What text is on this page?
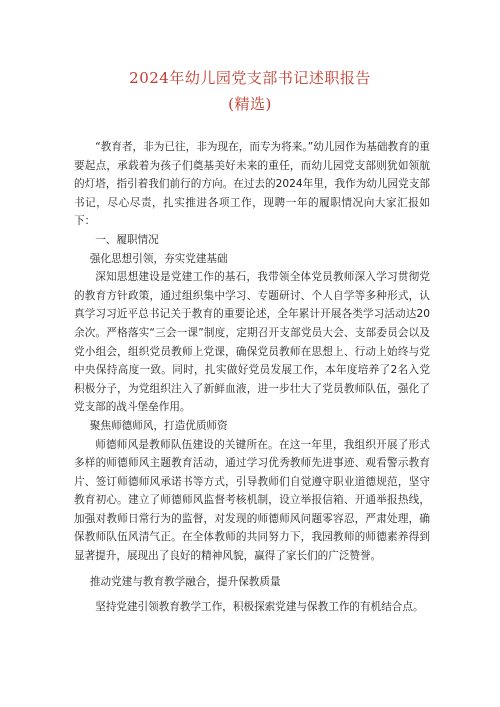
2024年幼儿园党支部书记述职报告
(精选)

“教育者，非为已往，非为现在，而专为将来。”幼儿园作为基础教育的重要起点，承载着为孩子们奠基美好未来的重任，而幼儿园党支部则犹如领航的灯塔，指引着我们前行的方向。在过去的2024年里，我作为幼儿园党支部书记，尽心尽责，扎实推进各项工作，现聘一年的履职情况向大家汇报如下：

一、履职情况

强化思想引领，夯实党建基础

深知思想建设是党建工作的基石，我带领全体党员教师深入学习贯彻党的教育方针政策，通过组织集中学习、专题研讨、个人自学等多种形式，认真学习习近平总书记关于教育的重要论述，全年累计开展各类学习活动达20余次。严格落实“三会一课”制度，定期召开支部党员大会、支部委员会以及党小组会，组织党员教师上党课，确保党员教师在思想上、行动上始终与党中央保持高度一致。同时，扎实做好党员发展工作，本年度培养了2名入党积极分子，为党组织注入了新鲜血液，进一步壮大了党员教师队伍，强化了党支部的战斗堡垒作用。

聚焦师德师风，打造优质师资

师德师风是教师队伍建设的关键所在。在这一年里，我组织开展了形式多样的师德师风主题教育活动，通过学习优秀教师先进事迹、观看警示教育片、签订师德师风承诺书等方式，引导教师们自觉遵守职业道德规范，坚守教育初心。建立了师德师风监督考核机制，设立举报信箱、开通举报热线，加强对教师日常行为的监督，对发现的师德师风问题零容忍，严肃处理，确保教师队伍风清气正。在全体教师的共同努力下，我园教师的师德素养得到显著提升，展现出了良好的精神风貌，赢得了家长们的广泛赞誉。

推动党建与教育教学融合，提升保教质量

坚持党建引领教育教学工作，积极探索党建与保教工作的有机结合点。
